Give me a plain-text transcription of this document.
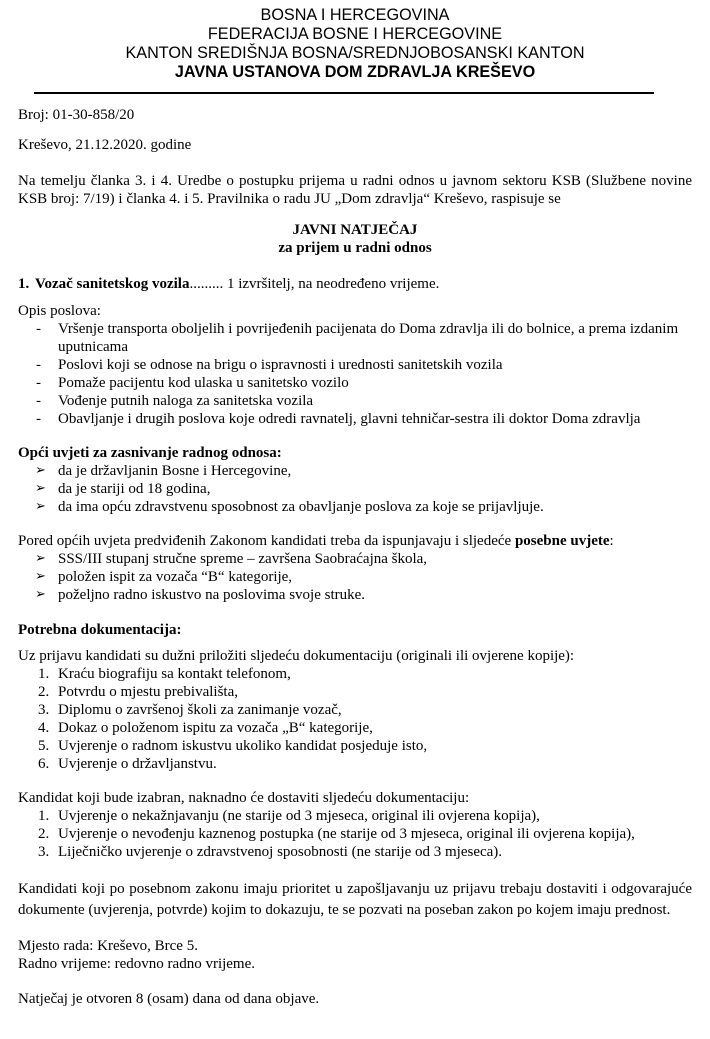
BOSNA I HERCEGOVINA
FEDERACIJA BOSNE I HERCEGOVINE
KANTON SREDIŠNJA BOSNA/SREDNJOBOSANSKI KANTON
JAVNA USTANOVA DOM ZDRAVLJA KREŠEVO

Broj: 01-30-858/20

Kreševo, 21.12.2020. godine

Na temelju članka 3. i 4. Uredbe o postupku prijema u radni odnos u javnom sektoru KSB (Službene novine KSB broj: 7/19) i članka 4. i 5. Pravilnika o radu JU „Dom zdravlja“ Kreševo, raspisuje se

JAVNI NATJEČAJ
za prijem u radni odnos

1. Vozač sanitetskog vozila......... 1 izvršitelj, na neodređeno vrijeme.

Opis poslova:

- Vršenje transporta oboljelih i povrijeđenih pacijenata do Doma zdravlja ili do bolnice, a prema izdanim uputnicama
- Poslovi koji se odnose na brigu o ispravnosti i urednosti sanitetskih vozila
- Pomaže pacijentu kod ulaska u sanitetsko vozilo
- Vođenje putnih naloga za sanitetska vozila
- Obavljanje i drugih poslova koje odredi ravnatelj, glavni tehničar-sestra ili doktor Doma zdravlja

Opći uvjeti za zasnivanje radnog odnosa:

➢ da je državljanin Bosne i Hercegovine,
➢ da je stariji od 18 godina,
➢ da ima opću zdravstvenu sposobnost za obavljanje poslova za koje se prijavljuje.

Pored općih uvjeta predviđenih Zakonom kandidati treba da ispunjavaju i sljedeće posebne uvjete:

➢ SSS/III stupanj stručne spreme – završena Saobraćajna škola,
➢ položen ispit za vozača “B“ kategorije,
➢ poželjno radno iskustvo na poslovima svoje struke.

Potrebna dokumentacija:

Uz prijavu kandidati su dužni priložiti sljedeću dokumentaciju (originali ili ovjerene kopije):

1. Kraću biografiju sa kontakt telefonom,
2. Potvrdu o mjestu prebivališta,
3. Diplomu o završenoj školi za zanimanje vozač,
4. Dokaz o položenom ispitu za vozača „B“ kategorije,
5. Uvjerenje o radnom iskustvu ukoliko kandidat posjeduje isto,
6. Uvjerenje o državljanstvu.

Kandidat koji bude izabran, naknadno će dostaviti sljedeću dokumentaciju:

1. Uvjerenje o nekažnjavanju (ne starije od 3 mjeseca, original ili ovjerena kopija),
2. Uvjerenje o nevođenju kaznenog postupka (ne starije od 3 mjeseca, original ili ovjerena kopija),
3. Liječničko uvjerenje o zdravstvenoj sposobnosti (ne starije od 3 mjeseca).

Kandidati koji po posebnom zakonu imaju prioritet u zapošljavanju uz prijavu trebaju dostaviti i odgovarajuće dokumente (uvjerenja, potvrde) kojim to dokazuju, te se pozvati na poseban zakon po kojem imaju prednost.

Mjesto rada: Kreševo, Brce 5.

Radno vrijeme: redovno radno vrijeme.

Natječaj je otvoren 8 (osam) dana od dana objave.
